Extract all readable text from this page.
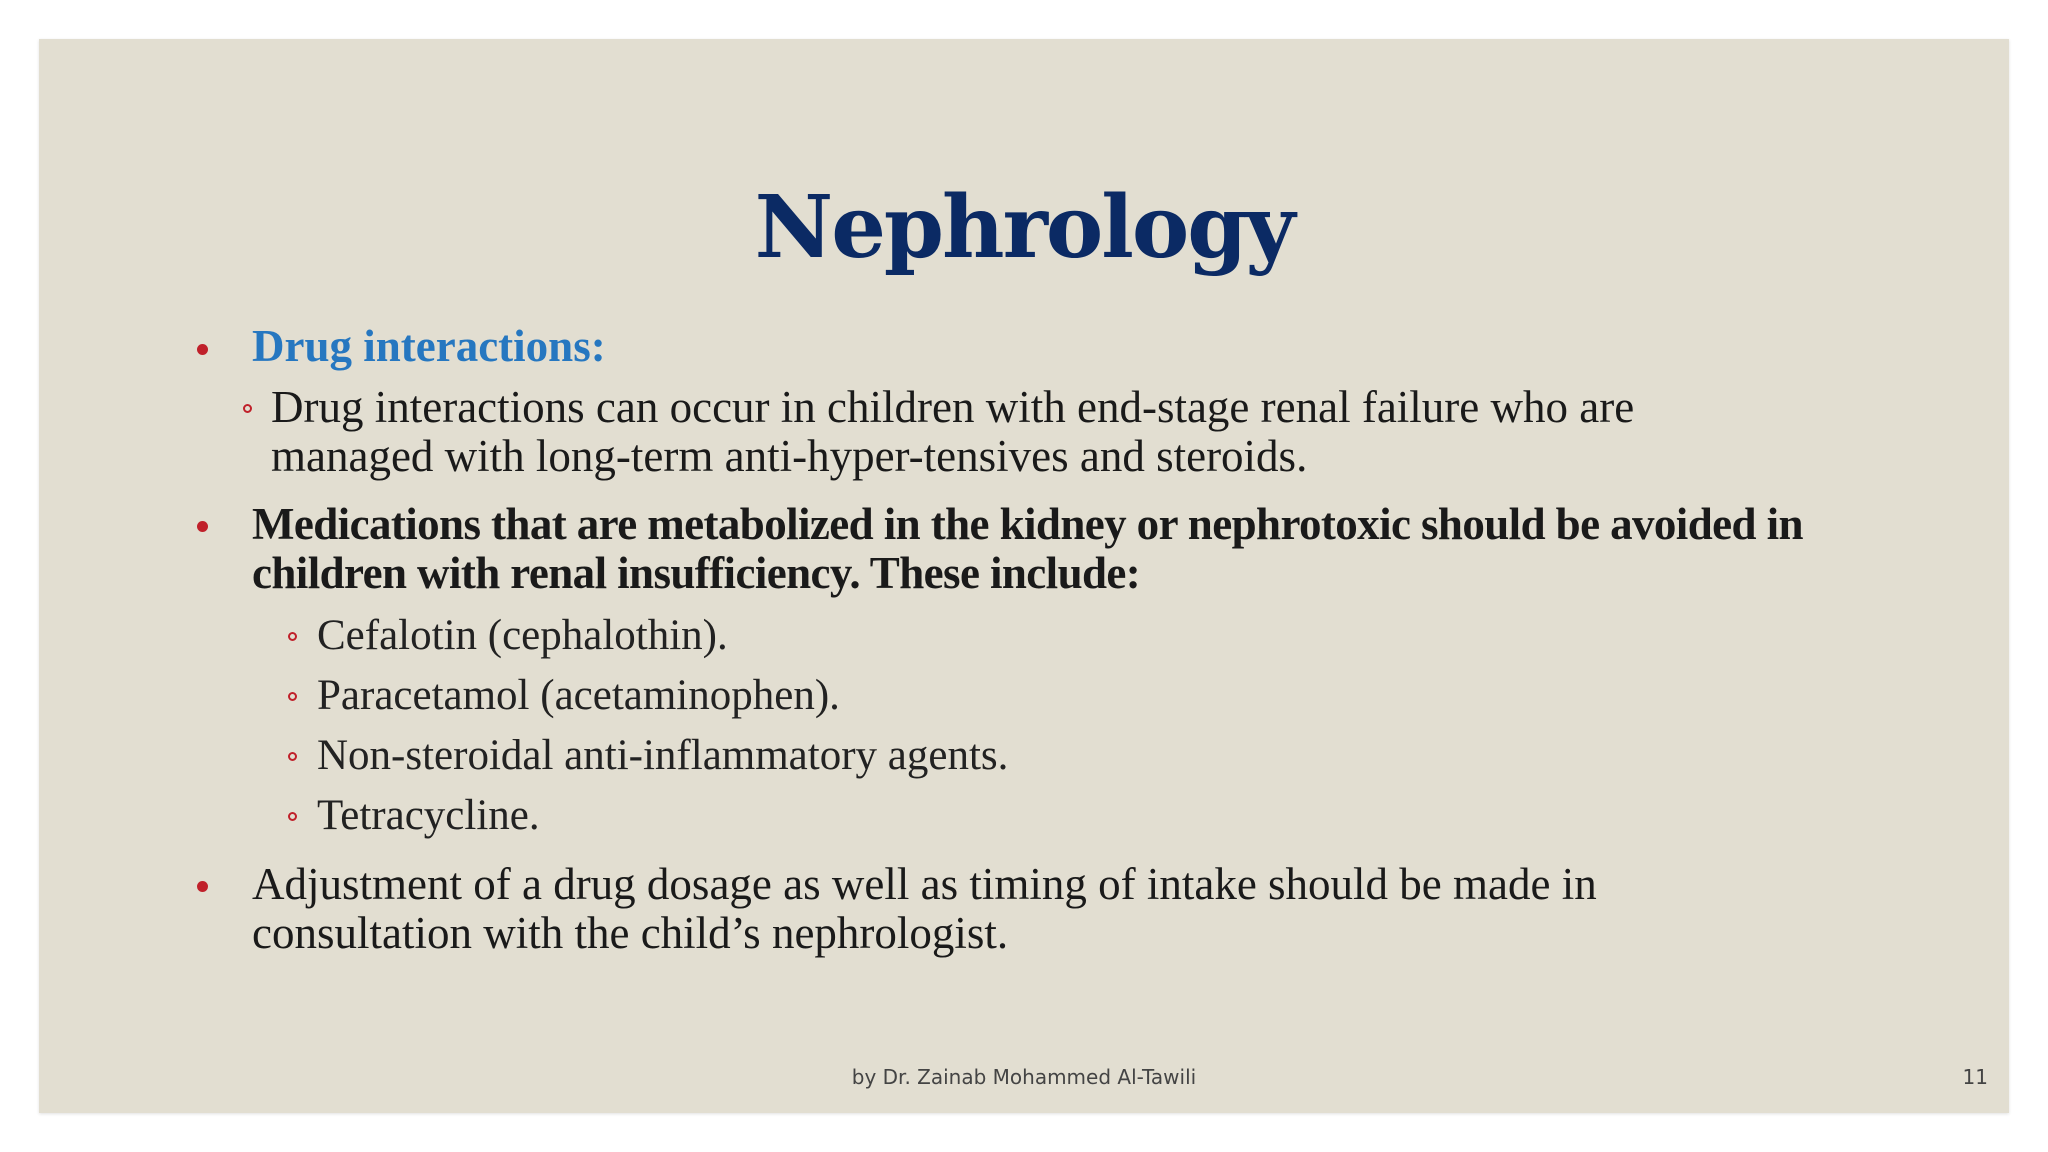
Nephrology
Drug interactions:
Drug interactions can occur in children with end-stage renal failure who are
managed with long-term anti-hyper-tensives and steroids.
Medications that are metabolized in the kidney or nephrotoxic should be avoided in
children with renal insufficiency. These include:
Cefalotin (cephalothin).
Paracetamol (acetaminophen).
Non-steroidal anti-inflammatory agents.
Tetracycline.
Adjustment of a drug dosage as well as timing of intake should be made in
consultation with the child’s nephrologist.
by Dr. Zainab Mohammed Al-Tawili	11
